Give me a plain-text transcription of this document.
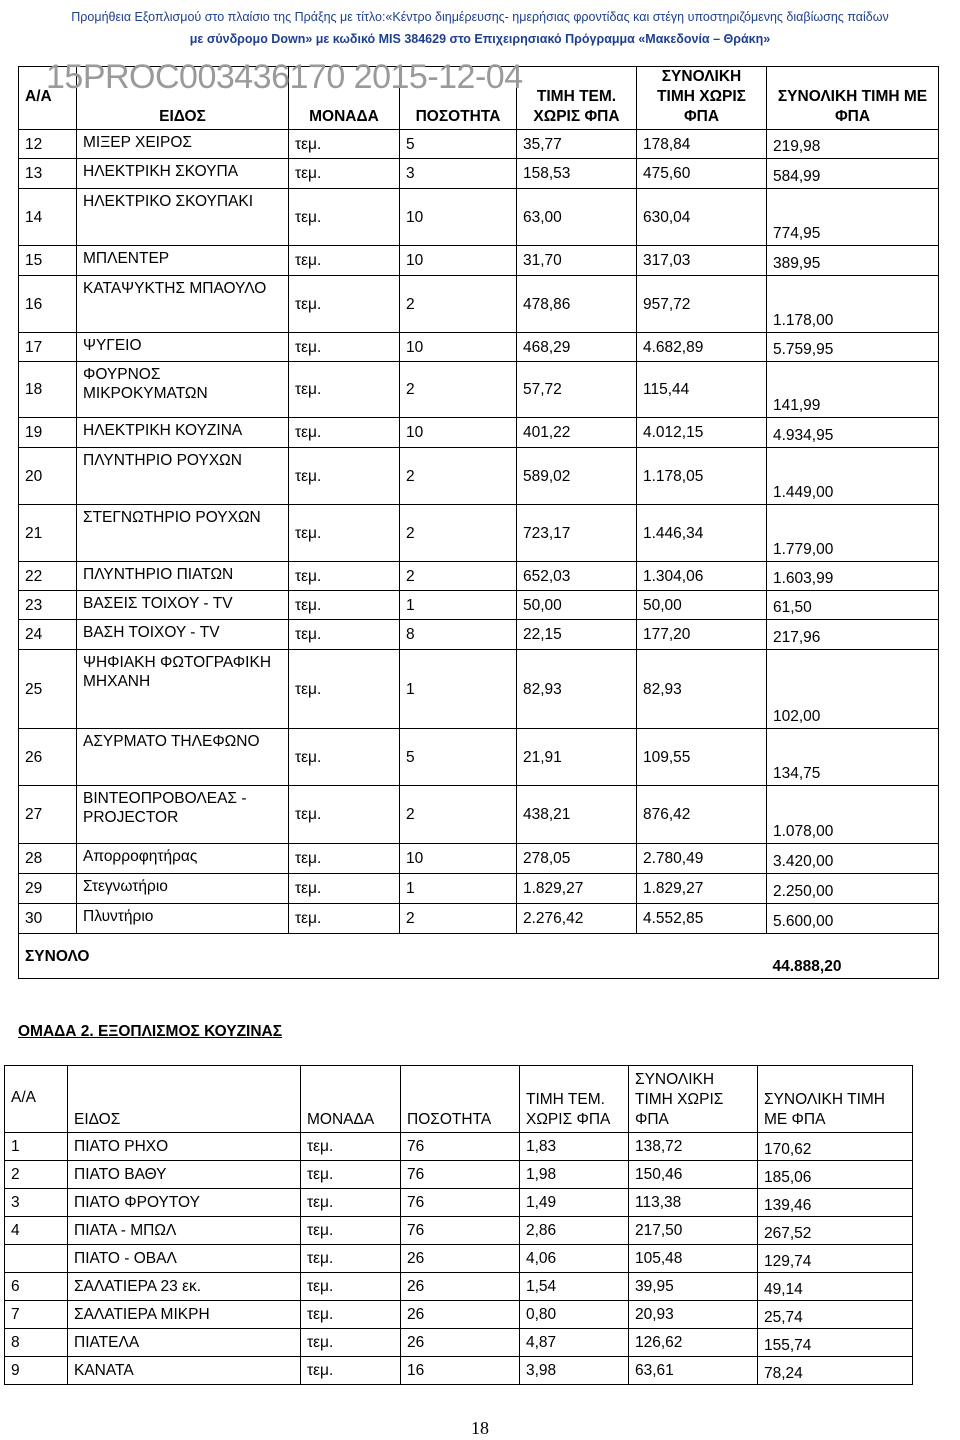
Προμήθεια Εξοπλισμού στο πλαίσιο της Πράξης με τίτλο:«Κέντρο διημέρευσης- ημερήσιας φροντίδας και στέγη υποστηριζόμενης διαβίωσης παίδων
με σύνδρομο Down» με κωδικό MIS 384629 στο Επιχειρησιακό Πρόγραμμα «Μακεδονία – Θράκη»
Α/Α	ΕΙΔΟΣ	ΜΟΝΑΔΑ	ΠΟΣΟΤΗΤΑ	ΤΙΜΗ ΤΕΜ. ΧΩΡΙΣ ΦΠΑ	ΣΥΝΟΛΙΚΗ ΤΙΜΗ ΧΩΡΙΣ ΦΠΑ	ΣΥΝΟΛΙΚΗ ΤΙΜΗ ΜΕ ΦΠΑ
12	ΜΙΞΕΡ ΧΕΙΡΟΣ	τεμ.	5	35,77	178,84	219,98
13	ΗΛΕΚΤΡΙΚΗ ΣΚΟΥΠΑ	τεμ.	3	158,53	475,60	584,99
14	ΗΛΕΚΤΡΙΚΟ ΣΚΟΥΠΑΚΙ	τεμ.	10	63,00	630,04	774,95
15	ΜΠΛΕΝΤΕΡ	τεμ.	10	31,70	317,03	389,95
16	ΚΑΤΑΨΥΚΤΗΣ ΜΠΑΟΥΛΟ	τεμ.	2	478,86	957,72	1.178,00
17	ΨΥΓΕΙΟ	τεμ.	10	468,29	4.682,89	5.759,95
18	ΦΟΥΡΝΟΣ ΜΙΚΡΟΚΥΜΑΤΩΝ	τεμ.	2	57,72	115,44	141,99
19	ΗΛΕΚΤΡΙΚΗ ΚΟΥΖΙΝΑ	τεμ.	10	401,22	4.012,15	4.934,95
20	ΠΛΥΝΤΗΡΙΟ ΡΟΥΧΩΝ	τεμ.	2	589,02	1.178,05	1.449,00
21	ΣΤΕΓΝΩΤΗΡΙΟ ΡΟΥΧΩΝ	τεμ.	2	723,17	1.446,34	1.779,00
22	ΠΛΥΝΤΗΡΙΟ ΠΙΑΤΩΝ	τεμ.	2	652,03	1.304,06	1.603,99
23	ΒΑΣΕΙΣ ΤΟΙΧΟΥ - TV	τεμ.	1	50,00	50,00	61,50
24	ΒΑΣΗ ΤΟΙΧΟΥ - TV	τεμ.	8	22,15	177,20	217,96
25	ΨΗΦΙΑΚΗ ΦΩΤΟΓΡΑΦΙΚΗ ΜΗΧΑΝΗ	τεμ.	1	82,93	82,93	102,00
26	ΑΣΥΡΜΑΤΟ ΤΗΛΕΦΩΝΟ	τεμ.	5	21,91	109,55	134,75
27	ΒΙΝΤΕΟΠΡΟΒΟΛΕΑΣ - PROJECTOR	τεμ.	2	438,21	876,42	1.078,00
28	Απορροφητήρας	τεμ.	10	278,05	2.780,49	3.420,00
29	Στεγνωτήριο	τεμ.	1	1.829,27	1.829,27	2.250,00
30	Πλυντήριο	τεμ.	2	2.276,42	4.552,85	5.600,00
ΣΥΝΟΛΟ						44.888,20
15PROC003436170 2015-12-04
ΟΜΑΔΑ 2. ΕΞΟΠΛΙΣΜΟΣ ΚΟΥΖΙΝΑΣ
Α/Α	ΕΙΔΟΣ	ΜΟΝΑΔΑ	ΠΟΣΟΤΗΤΑ	ΤΙΜΗ ΤΕΜ. ΧΩΡΙΣ ΦΠΑ	ΣΥΝΟΛΙΚΗ ΤΙΜΗ ΧΩΡΙΣ ΦΠΑ	ΣΥΝΟΛΙΚΗ ΤΙΜΗ ΜΕ ΦΠΑ
1	ΠΙΑΤΟ ΡΗΧΟ	τεμ.	76	1,83	138,72	170,62
2	ΠΙΑΤΟ ΒΑΘΥ	τεμ.	76	1,98	150,46	185,06
3	ΠΙΑΤΟ ΦΡΟΥΤΟΥ	τεμ.	76	1,49	113,38	139,46
4	ΠΙΑΤΑ - ΜΠΩΛ	τεμ.	76	2,86	217,50	267,52
	ΠΙΑΤΟ - ΟΒΑΛ	τεμ.	26	4,06	105,48	129,74
6	ΣΑΛΑΤΙΕΡΑ 23 εκ.	τεμ.	26	1,54	39,95	49,14
7	ΣΑΛΑΤΙΕΡΑ ΜΙΚΡΗ	τεμ.	26	0,80	20,93	25,74
8	ΠΙΑΤΕΛΑ	τεμ.	26	4,87	126,62	155,74
9	ΚΑΝΑΤΑ	τεμ.	16	3,98	63,61	78,24
18
